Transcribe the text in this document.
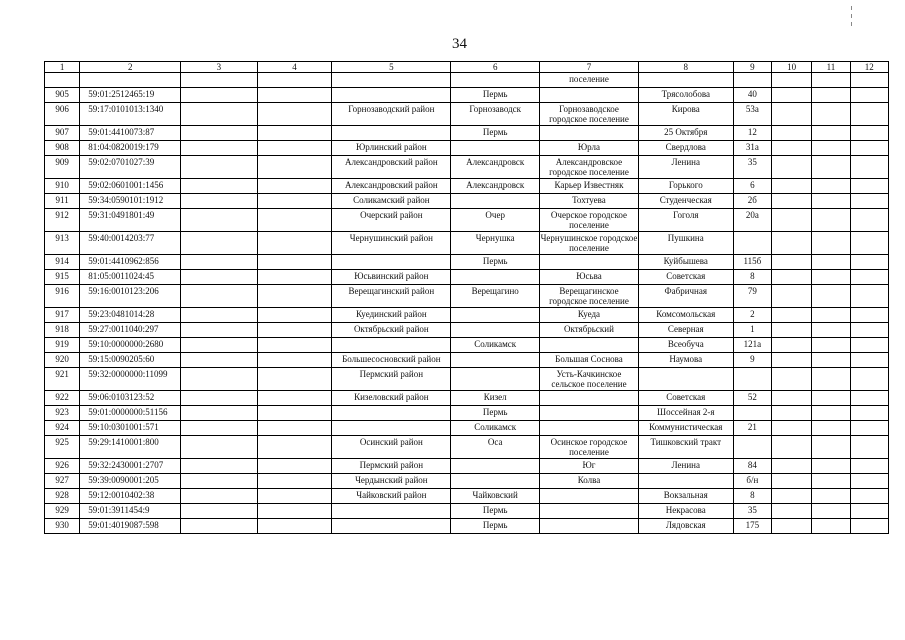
34
1	2	3	4	5	6	7	8	9	10	11	12
						поселение					
905	59:01:2512465:19				Пермь		Трясолобова	40			
906	59:17:0101013:1340			Горнозаводский район	Горнозаводск	Горнозаводское городское поселение	Кирова	53а			
907	59:01:4410073:87				Пермь		25 Октября	12			
908	81:04:0820019:179			Юрлинский район		Юрла	Свердлова	31а			
909	59:02:0701027:39			Александровский район	Александровск	Александровское городское поселение	Ленина	35			
910	59:02:0601001:1456			Александровский район	Александровск	Карьер Известняк	Горького	6			
911	59:34:0590101:1912			Соликамский район		Тохтуева	Студенческая	2б			
912	59:31:0491801:49			Очерский район	Очер	Очерское городское поселение	Гоголя	20а			
913	59:40:0014203:77			Чернушинский район	Чернушка	Чернушинское городское поселение	Пушкина				
914	59:01:4410962:856				Пермь		Куйбышева	115б			
915	81:05:0011024:45			Юсьвинский район		Юсьва	Советская	8			
916	59:16:0010123:206			Верещагинский район	Верещагино	Верещагинское городское поселение	Фабричная	79			
917	59:23:0481014:28			Куединский район		Куеда	Комсомольская	2			
918	59:27:0011040:297			Октябрьский район		Октябрьский	Северная	1			
919	59:10:0000000:2680				Соликамск		Всеобуча	121а			
920	59:15:0090205:60			Большесосновский район		Большая Соснова	Наумова	9			
921	59:32:0000000:11099			Пермский район		Усть-Качкинское сельское поселение					
922	59:06:0103123:52			Кизеловский район	Кизел		Советская	52			
923	59:01:0000000:51156				Пермь		Шоссейная 2-я				
924	59:10:0301001:571				Соликамск		Коммунистическая	21			
925	59:29:1410001:800			Осинский район	Оса	Осинское городское поселение	Тишковский тракт				
926	59:32:2430001:2707			Пермский район		Юг	Ленина	84			
927	59:39:0090001:205			Чердынский район		Колва		б/н			
928	59:12:0010402:38			Чайковский район	Чайковский		Вокзальная	8			
929	59:01:3911454:9				Пермь		Некрасова	35			
930	59:01:4019087:598				Пермь		Лядовская	175			
